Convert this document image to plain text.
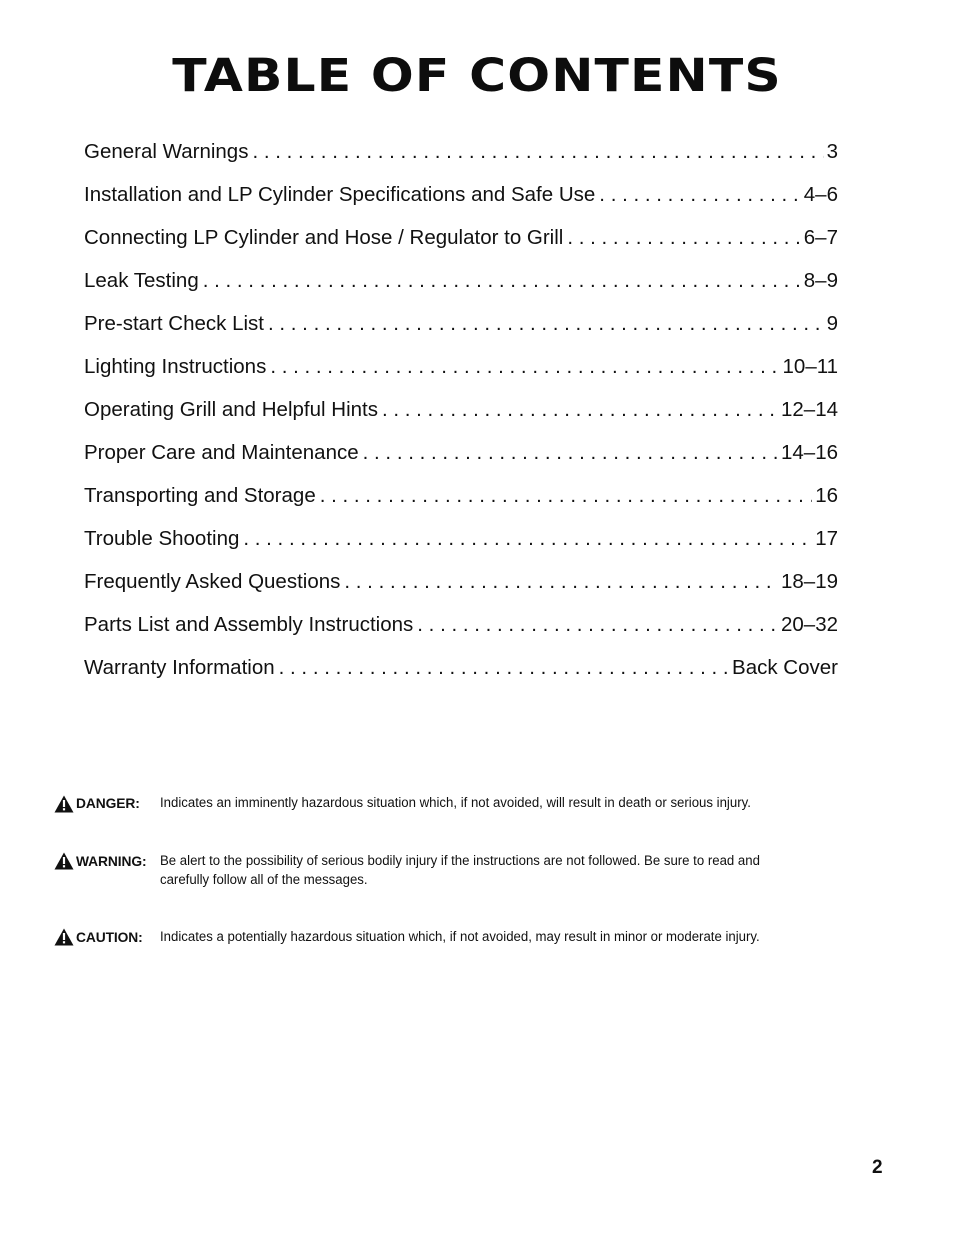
TABLE OF CONTENTS
General Warnings . . .	3
Installation and LP Cylinder Specifications and Safe Use . . .	4–6
Connecting LP Cylinder and Hose / Regulator to Grill . . .	6–7
Leak Testing . . .	8–9
Pre-start Check List . . .	9
Lighting Instructions . . .	10–11
Operating Grill and Helpful Hints . . .	12–14
Proper Care and Maintenance . . .	14–16
Transporting and Storage . . .	16
Trouble Shooting . . .	17
Frequently Asked Questions . . .	18–19
Parts List and Assembly Instructions . . .	20–32
Warranty Information . . .	Back Cover
DANGER: Indicates an imminently hazardous situation which, if not avoided, will result in death or serious injury.
WARNING: Be alert to the possibility of serious bodily injury if the instructions are not followed. Be sure to read and carefully follow all of the messages.
CAUTION: Indicates a potentially hazardous situation which, if not avoided, may result in minor or moderate injury.
2
